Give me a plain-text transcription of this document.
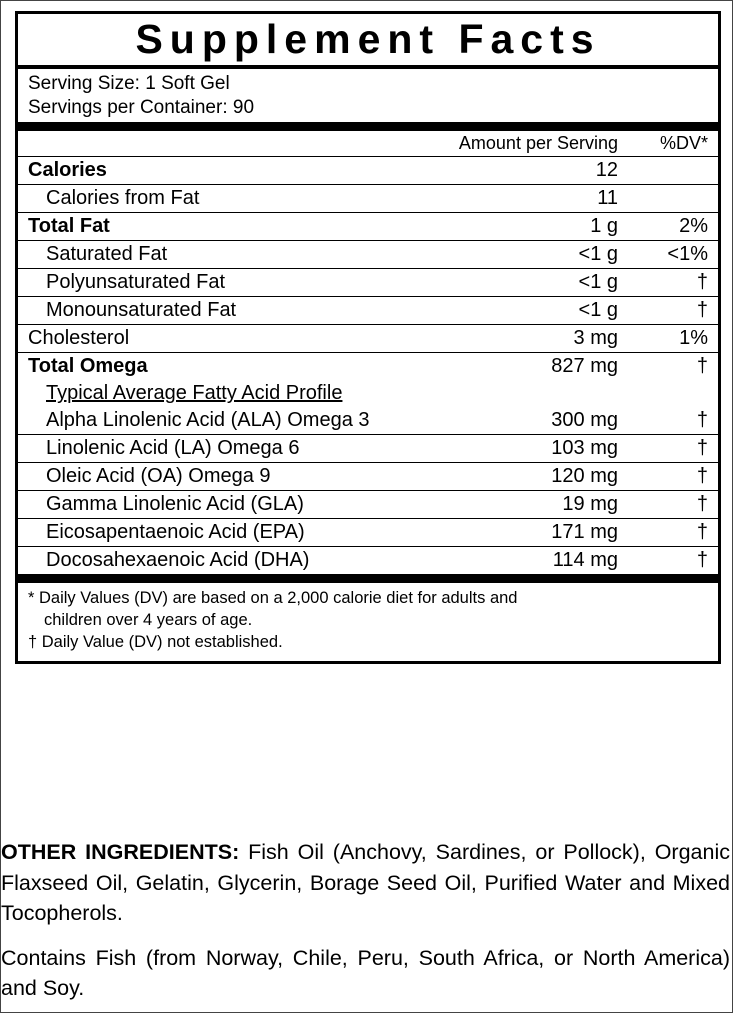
Supplement Facts
Serving Size: 1 Soft Gel
Servings per Container: 90
	Amount per Serving	%DV*
Calories	12	
Calories from Fat	11	
Total Fat	1 g	2%
Saturated Fat	<1 g	<1%
Polyunsaturated Fat	<1 g	†
Monounsaturated Fat	<1 g	†
Cholesterol	3 mg	1%
Total Omega	827 mg	†
Typical Average Fatty Acid Profile		
Alpha Linolenic Acid (ALA) Omega 3	300 mg	†
Linolenic Acid (LA) Omega 6	103 mg	†
Oleic Acid (OA) Omega 9	120 mg	†
Gamma Linolenic Acid (GLA)	19 mg	†
Eicosapentaenoic Acid (EPA)	171 mg	†
Docosahexaenoic Acid (DHA)	114 mg	†
* Daily Values (DV) are based on a 2,000 calorie diet for adults and
children over 4 years of age.
† Daily Value (DV) not established.

OTHER INGREDIENTS: Fish Oil (Anchovy, Sardines, or Pollock), Organic Flaxseed Oil, Gelatin, Glycerin, Borage Seed Oil, Purified Water and Mixed Tocopherols.

Contains Fish (from Norway, Chile, Peru, South Africa, or North America) and Soy.
